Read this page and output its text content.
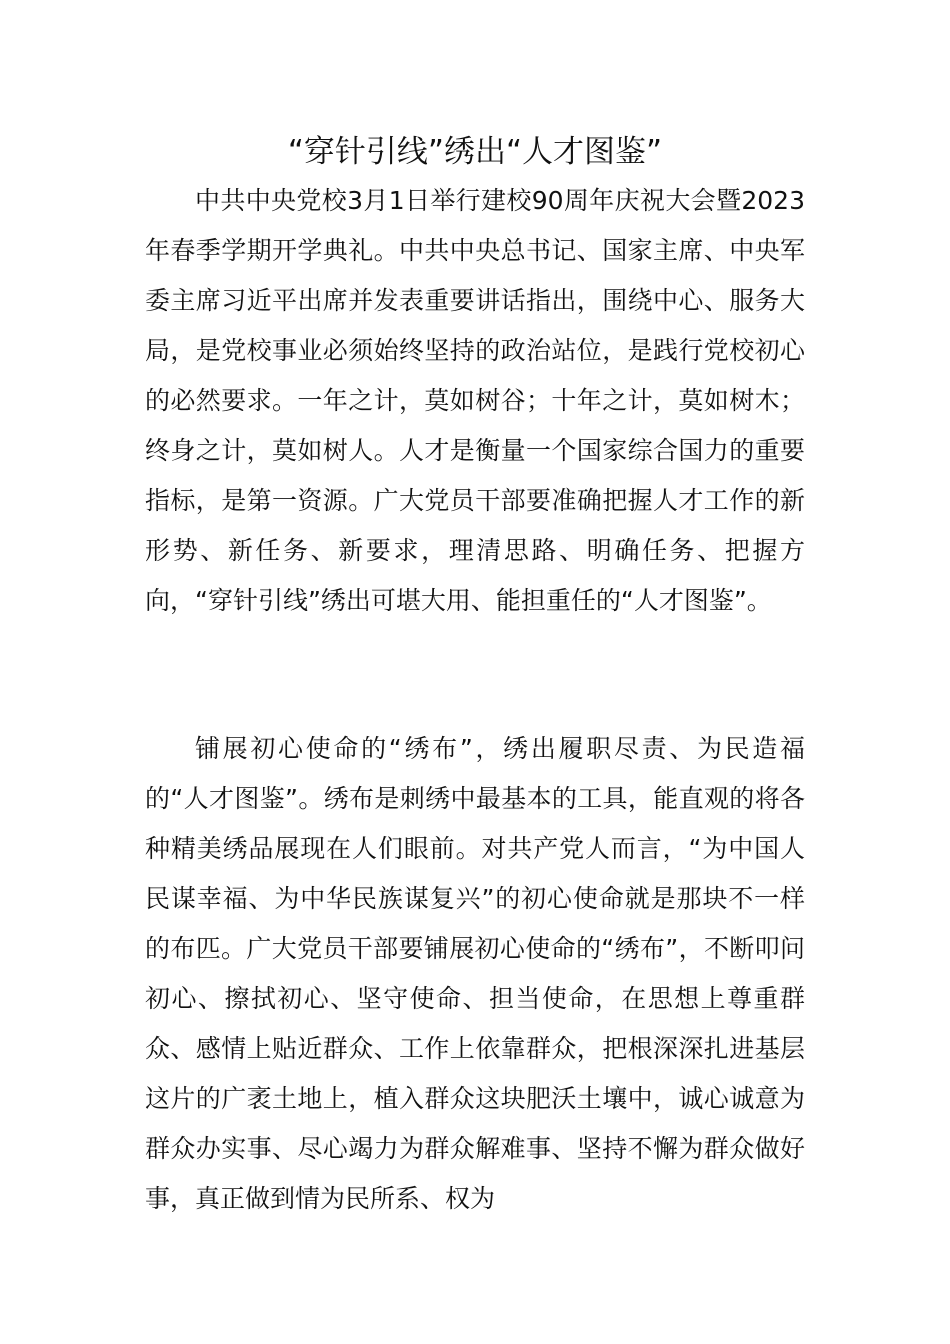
“穿针引线”绣出“人才图鉴”

中共中央党校3月1日举行建校90周年庆祝大会暨2023年春季学期开学典礼。中共中央总书记、国家主席、中央军委主席习近平出席并发表重要讲话指出，围绕中心、服务大局，是党校事业必须始终坚持的政治站位，是践行党校初心的必然要求。一年之计，莫如树谷；十年之计，莫如树木；终身之计，莫如树人。人才是衡量一个国家综合国力的重要指标，是第一资源。广大党员干部要准确把握人才工作的新形势、新任务、新要求，理清思路、明确任务、把握方向，“穿针引线”绣出可堪大用、能担重任的“人才图鉴”。

铺展初心使命的“绣布”，绣出履职尽责、为民造福的“人才图鉴”。绣布是刺绣中最基本的工具，能直观的将各种精美绣品展现在人们眼前。对共产党人而言，“为中国人民谋幸福、为中华民族谋复兴”的初心使命就是那块不一样的布匹。广大党员干部要铺展初心使命的“绣布”，不断叩问初心、擦拭初心、坚守使命、担当使命，在思想上尊重群众、感情上贴近群众、工作上依靠群众，把根深深扎进基层这片的广袤土地上，植入群众这块肥沃土壤中，诚心诚意为群众办实事、尽心竭力为群众解难事、坚持不懈为群众做好事，真正做到情为民所系、权为
